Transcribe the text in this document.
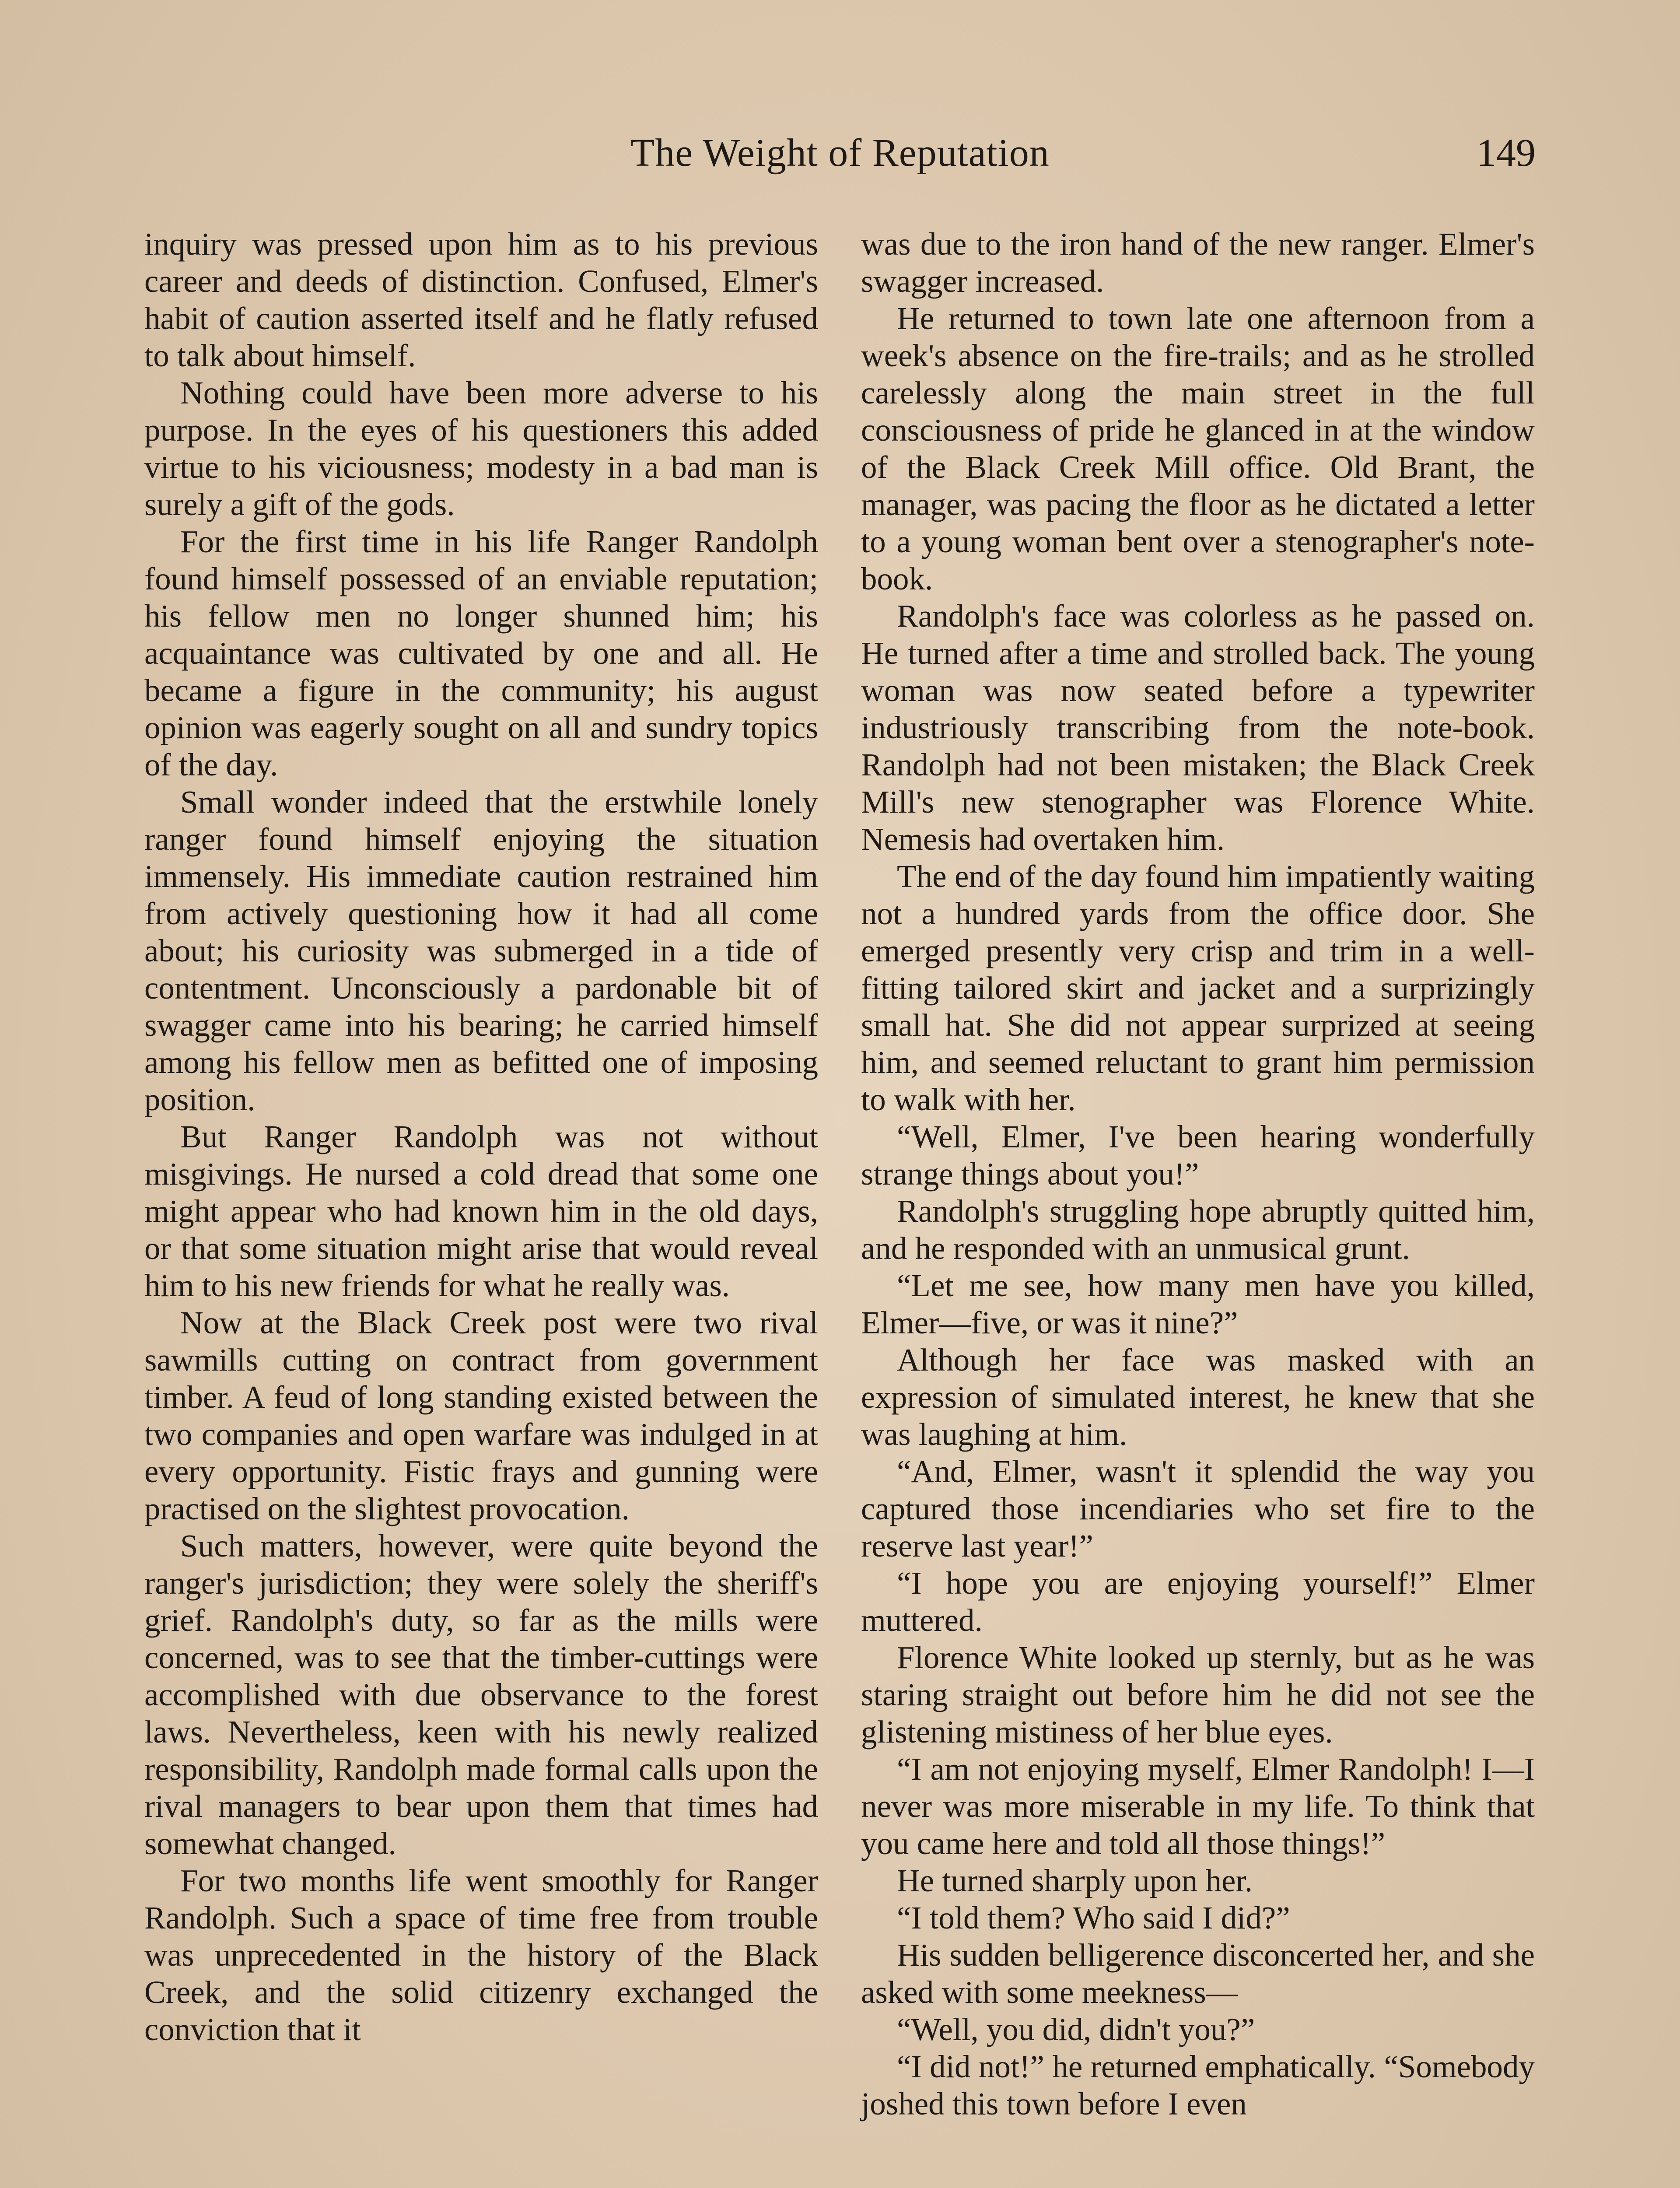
The Weight of Reputation	149

inquiry was pressed upon him as to his previous career and deeds of distinction. Confused, Elmer's habit of caution asserted itself and he flatly refused to talk about himself.

Nothing could have been more adverse to his purpose. In the eyes of his questioners this added virtue to his viciousness; modesty in a bad man is surely a gift of the gods.

For the first time in his life Ranger Randolph found himself possessed of an enviable reputation; his fellow men no longer shunned him; his acquaintance was cultivated by one and all. He became a figure in the community; his august opinion was eagerly sought on all and sundry topics of the day.

Small wonder indeed that the erstwhile lonely ranger found himself enjoying the situation immensely. His immediate caution restrained him from actively questioning how it had all come about; his curiosity was submerged in a tide of contentment. Unconsciously a pardonable bit of swagger came into his bearing; he carried himself among his fellow men as befitted one of imposing position.

But Ranger Randolph was not without misgivings. He nursed a cold dread that some one might appear who had known him in the old days, or that some situation might arise that would reveal him to his new friends for what he really was.

Now at the Black Creek post were two rival sawmills cutting on contract from government timber. A feud of long standing existed between the two companies and open warfare was indulged in at every opportunity. Fistic frays and gunning were practised on the slightest provocation.

Such matters, however, were quite beyond the ranger's jurisdiction; they were solely the sheriff's grief. Randolph's duty, so far as the mills were concerned, was to see that the timber-cuttings were accomplished with due observance to the forest laws. Nevertheless, keen with his newly realized responsibility, Randolph made formal calls upon the rival managers to bear upon them that times had somewhat changed.

For two months life went smoothly for Ranger Randolph. Such a space of time free from trouble was unprecedented in the history of the Black Creek, and the solid citizenry exchanged the conviction that it

was due to the iron hand of the new ranger. Elmer's swagger increased.

He returned to town late one afternoon from a week's absence on the fire-trails; and as he strolled carelessly along the main street in the full consciousness of pride he glanced in at the window of the Black Creek Mill office. Old Brant, the manager, was pacing the floor as he dictated a letter to a young woman bent over a stenographer's note-book.

Randolph's face was colorless as he passed on. He turned after a time and strolled back. The young woman was now seated before a typewriter industriously transcribing from the note-book. Randolph had not been mistaken; the Black Creek Mill's new stenographer was Florence White. Nemesis had overtaken him.

The end of the day found him impatiently waiting not a hundred yards from the office door. She emerged presently very crisp and trim in a well-fitting tailored skirt and jacket and a surprizingly small hat. She did not appear surprized at seeing him, and seemed reluctant to grant him permission to walk with her.

“Well, Elmer, I've been hearing wonderfully strange things about you!”

Randolph's struggling hope abruptly quitted him, and he responded with an unmusical grunt.

“Let me see, how many men have you killed, Elmer—five, or was it nine?”

Although her face was masked with an expression of simulated interest, he knew that she was laughing at him.

“And, Elmer, wasn't it splendid the way you captured those incendiaries who set fire to the reserve last year!”

“I hope you are enjoying yourself!” Elmer muttered.

Florence White looked up sternly, but as he was staring straight out before him he did not see the glistening mistiness of her blue eyes.

“I am not enjoying myself, Elmer Randolph! I—I never was more miserable in my life. To think that you came here and told all those things!”

He turned sharply upon her.

“I told them? Who said I did?”

His sudden belligerence disconcerted her, and she asked with some meekness—

“Well, you did, didn't you?”

“I did not!” he returned emphatically. “Somebody joshed this town before I even
